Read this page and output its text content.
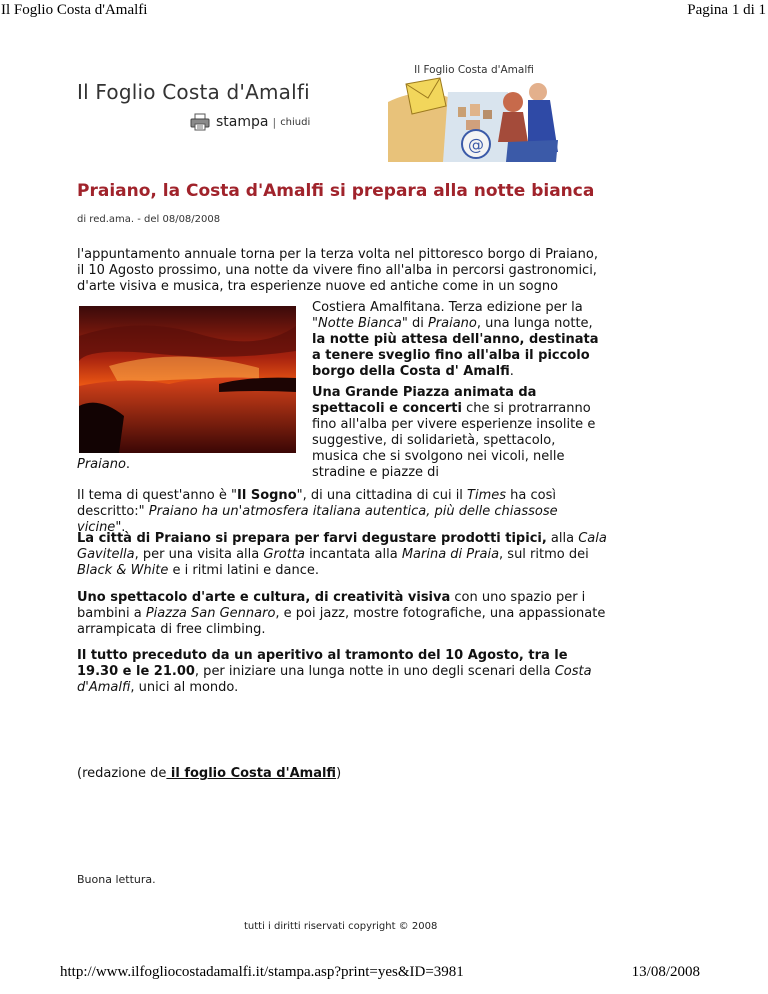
Il Foglio Costa d'Amalfi	Pagina 1 di 1
Il Foglio Costa d'Amalfi
stampa | chiudi
@
Il Foglio Costa d'Amalfi
Praiano, la Costa d'Amalfi si prepara alla notte bianca
di red.ama. - del 08/08/2008

l'appuntamento annuale torna per la terza volta nel pittoresco borgo di Praiano, il 10 Agosto prossimo, una notte da vivere fino all'alba in percorsi gastronomici, d'arte visiva e musica, tra esperienze nuove ed antiche come in un sogno

Costiera Amalfitana. Terza edizione per la "Notte Bianca" di Praiano, una lunga notte, la notte più attesa dell'anno, destinata a tenere sveglio fino all'alba il piccolo borgo della Costa d' Amalfi.

Una Grande Piazza animata da spettacoli e concerti che si protrarranno fino all'alba per vivere esperienze insolite e suggestive, di solidarietà, spettacolo, musica che si svolgono nei vicoli, nelle stradine e piazze di

Praiano.

Il tema di quest'anno è "Il Sogno", di una cittadina di cui il Times ha così descritto:" Praiano ha un'atmosfera italiana autentica, più delle chiassose vicine".

La città di Praiano si prepara per farvi degustare prodotti tipici, alla Cala Gavitella, per una visita alla Grotta incantata alla Marina di Praia, sul ritmo dei Black & White e i ritmi latini e dance.

Uno spettacolo d'arte e cultura, di creatività visiva con uno spazio per i bambini a Piazza San Gennaro, e poi jazz, mostre fotografiche, una appassionate arrampicata di free climbing.

Il tutto preceduto da un aperitivo al tramonto del 10 Agosto, tra le 19.30 e le 21.00, per iniziare una lunga notte in uno degli scenari della Costa d'Amalfi, unici al mondo.

(redazione de il foglio Costa d'Amalfi)
Buona lettura.
tutti i diritti riservati copyright © 2008
http://www.ilfogliocostadamalfi.it/stampa.asp?print=yes&ID=3981	13/08/2008
